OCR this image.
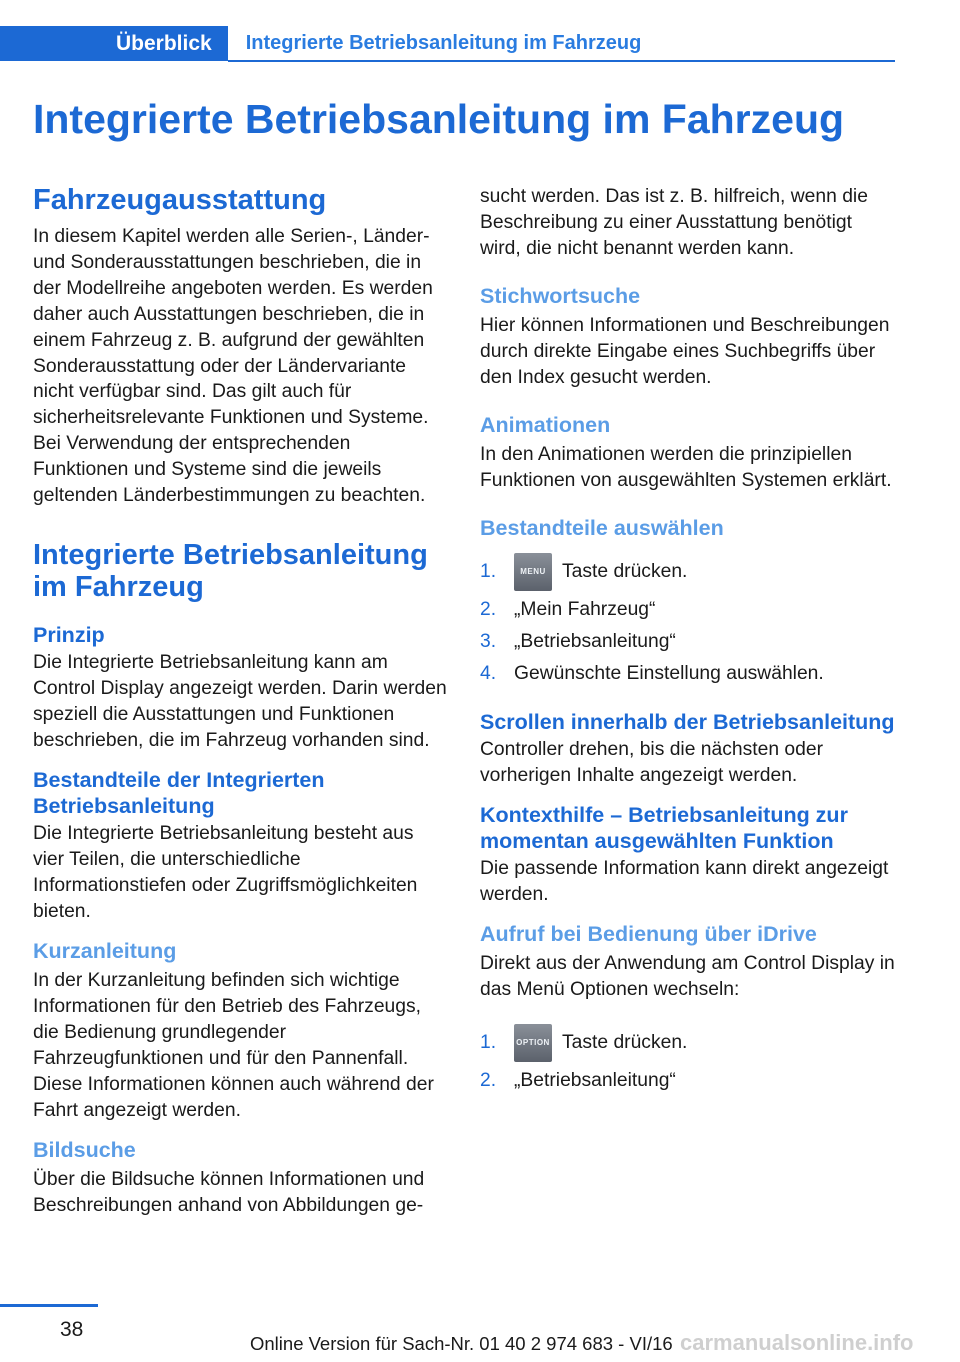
Überblick	Integrierte Betriebsanleitung im Fahrzeug
Integrierte Betriebsanleitung im Fahrzeug
Fahrzeugausstattung

In diesem Kapitel werden alle Serien-, Länder- und Sonderausstattungen beschrieben, die in der Modellreihe angeboten werden. Es werden daher auch Ausstattungen beschrieben, die in einem Fahrzeug z. B. aufgrund der gewählten Sonderausstattung oder der Ländervariante nicht verfügbar sind. Das gilt auch für sicherheitsrelevante Funktionen und Systeme. Bei Verwendung der entsprechenden Funktionen und Systeme sind die jeweils geltenden Länderbestimmungen zu beachten.

Integrierte Betriebsanleitung im Fahrzeug
Prinzip

Die Integrierte Betriebsanleitung kann am Control Display angezeigt werden. Darin werden speziell die Ausstattungen und Funktionen beschrieben, die im Fahrzeug vorhanden sind.

Bestandteile der Integrierten Betriebsanleitung

Die Integrierte Betriebsanleitung besteht aus vier Teilen, die unterschiedliche Informationstiefen oder Zugriffsmöglichkeiten bieten.

Kurzanleitung

In der Kurzanleitung befinden sich wichtige Informationen für den Betrieb des Fahrzeugs, die Bedienung grundlegender Fahrzeugfunktionen und für den Pannenfall. Diese Informationen können auch während der Fahrt angezeigt werden.

Bildsuche

Über die Bildsuche können Informationen und Beschreibungen anhand von Abbildungen ge-

sucht werden. Das ist z. B. hilfreich, wenn die Beschreibung zu einer Ausstattung benötigt wird, die nicht benannt werden kann.

Stichwortsuche

Hier können Informationen und Beschreibungen durch direkte Eingabe eines Suchbegriffs über den Index gesucht werden.

Animationen

In den Animationen werden die prinzipiellen Funktionen von ausgewählten Systemen erklärt.

Bestandteile auswählen
1.	MENU Taste drücken.
2. „Mein Fahrzeug“
3. „Betriebsanleitung“
4. Gewünschte Einstellung auswählen.
Scrollen innerhalb der Betriebsanleitung

Controller drehen, bis die nächsten oder vorherigen Inhalte angezeigt werden.

Kontexthilfe – Betriebsanleitung zur momentan ausgewählten Funktion

Die passende Information kann direkt angezeigt werden.

Aufruf bei Bedienung über iDrive

Direkt aus der Anwendung am Control Display in das Menü Optionen wechseln:

1.	OPTION Taste drücken.
2. „Betriebsanleitung“
38
Online Version für Sach-Nr. 01 40 2 974 683 - VI/16 carmanualsonline.info
